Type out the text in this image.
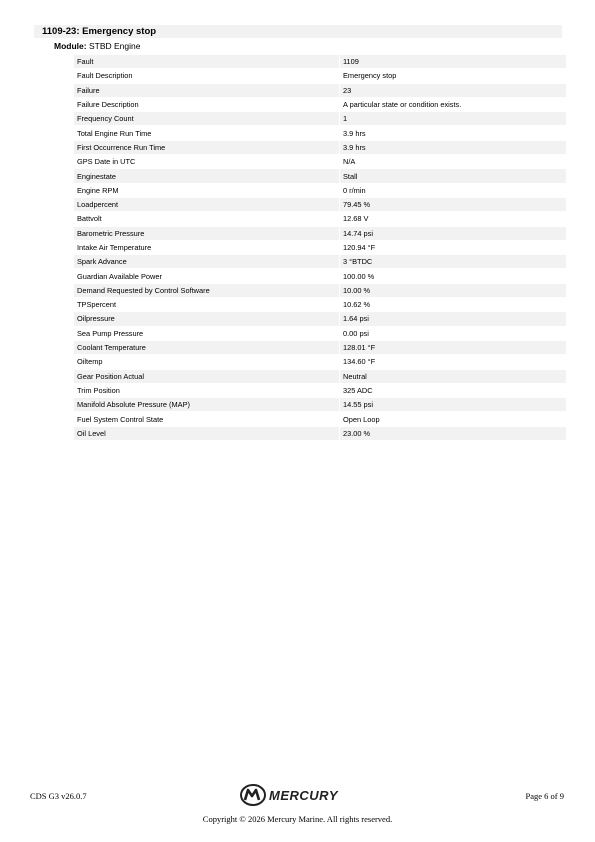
1109-23: Emergency stop
Module: STBD Engine
Fault		1109
Fault Description		Emergency stop
Failure		23
Failure Description		A particular state or condition exists.
Frequency Count		1
Total Engine Run Time		3.9 hrs
First Occurrence Run Time		3.9 hrs
GPS Date in UTC		N/A
Enginestate		Stall
Engine RPM		0 r/min
Loadpercent		79.45 %
Battvolt		12.68 V
Barometric Pressure		14.74 psi
Intake Air Temperature		120.94 °F
Spark Advance		3 °BTDC
Guardian Available Power		100.00 %
Demand Requested by Control Software		10.00 %
TPSpercent		10.62 %
Oilpressure		1.64 psi
Sea Pump Pressure		0.00 psi
Coolant Temperature		128.01 °F
Oiltemp		134.60 °F
Gear Position Actual		Neutral
Trim Position		325 ADC
Manifold Absolute Pressure (MAP)		14.55 psi
Fuel System Control State		Open Loop
Oil Level		23.00 %
CDS G3 v26.0.7	MERCURY	Page 6 of 9
Copyright © 2026 Mercury Marine. All rights reserved.
